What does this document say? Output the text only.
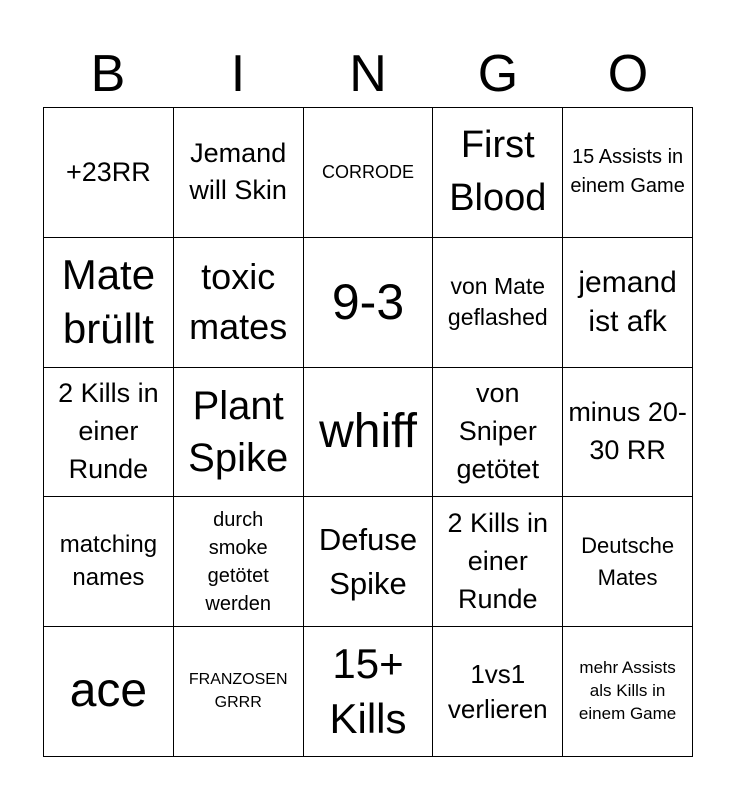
B	I	N	G	O
+23RR
Jemand will Skin
CORRODE
First Blood
15 Assists in einem Game
Mate brüllt
toxic mates 9-3	von Mate geflashed
jemand ist afk
2 Kills in einer Runde
Plant Spike
whiff
von Sniper getötet
minus 20-30 RR
matching names
durch smoke getötet werden
Defuse Spike
2 Kills in einer Runde
Deutsche Mates
ace	FRANZOSEN GRRR
15+ Kills
1vs1 verlieren
mehr Assists als Kills in einem Game
